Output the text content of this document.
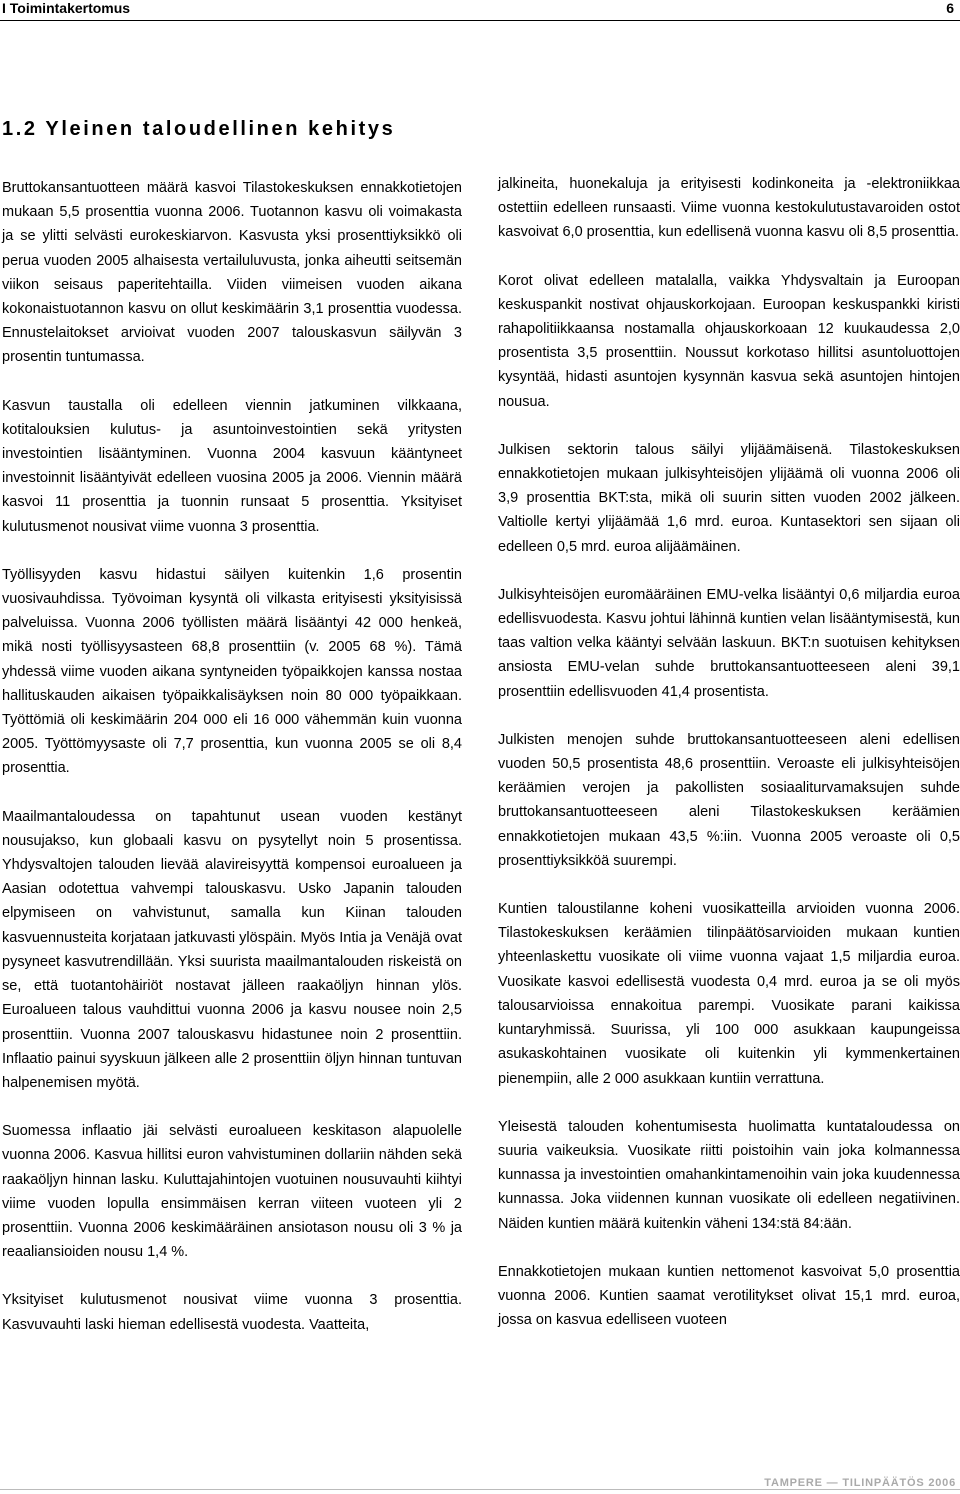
I Toimintakertomus	6
1.2 Yleinen taloudellinen kehitys

Bruttokansantuotteen määrä kasvoi Tilastokeskuksen ennakkotietojen mukaan 5,5 prosenttia vuonna 2006. Tuotannon kasvu oli voimakasta ja se ylitti selvästi eurokeskiarvon. Kasvusta yksi prosenttiyksikkö oli perua vuoden 2005 alhaisesta vertailuluvusta, jonka aiheutti seitsemän viikon seisaus paperitehtailla. Viiden viimeisen vuoden aikana kokonaistuotannon kasvu on ollut keskimäärin 3,1 prosenttia vuodessa. Ennustelaitokset arvioivat vuoden 2007 talouskasvun säilyvän 3 prosentin tuntumassa.

Kasvun taustalla oli edelleen viennin jatkuminen vilkkaana, kotitalouksien kulutus- ja asuntoinvestointien sekä yritysten investointien lisääntyminen. Vuonna 2004 kasvuun kääntyneet investoinnit lisääntyivät edelleen vuosina 2005 ja 2006. Viennin määrä kasvoi 11 prosenttia ja tuonnin runsaat 5 prosenttia. Yksityiset kulutusmenot nousivat viime vuonna 3 prosenttia.

Työllisyyden kasvu hidastui säilyen kuitenkin 1,6 prosentin vuosivauhdissa. Työvoiman kysyntä oli vilkasta erityisesti yksityisissä palveluissa. Vuonna 2006 työllisten määrä lisääntyi 42 000 henkeä, mikä nosti työllisyysasteen 68,8 prosenttiin (v. 2005 68 %). Tämä yhdessä viime vuoden aikana syntyneiden työpaikkojen kanssa nostaa hallituskauden aikaisen työpaikkalisäyksen noin 80 000 työpaikkaan. Työttömiä oli keskimäärin 204 000 eli 16 000 vähemmän kuin vuonna 2005. Työttömyysaste oli 7,7 prosenttia, kun vuonna 2005 se oli 8,4 prosenttia.

Maailmantaloudessa on tapahtunut usean vuoden kestänyt nousujakso, kun globaali kasvu on pysytellyt noin 5 prosentissa. Yhdysvaltojen talouden lievää alavireisyyttä kompensoi euroalueen ja Aasian odotettua vahvempi talouskasvu. Usko Japanin talouden elpymiseen on vahvistunut, samalla kun Kiinan talouden kasvuennusteita korjataan jatkuvasti ylöspäin. Myös Intia ja Venäjä ovat pysyneet kasvutrendillään. Yksi suurista maailmantalouden riskeistä on se, että tuotantohäiriöt nostavat jälleen raakaöljyn hinnan ylös. Euroalueen talous vauhdittui vuonna 2006 ja kasvu nousee noin 2,5 prosenttiin. Vuonna 2007 talouskasvu hidastunee noin 2 prosenttiin. Inflaatio painui syyskuun jälkeen alle 2 prosenttiin öljyn hinnan tuntuvan halpenemisen myötä.

Suomessa inflaatio jäi selvästi euroalueen keskitason alapuolelle vuonna 2006. Kasvua hillitsi euron vahvistuminen dollariin nähden sekä raakaöljyn hinnan lasku. Kuluttajahintojen vuotuinen nousuvauhti kiihtyi viime vuoden lopulla ensimmäisen kerran viiteen vuoteen yli 2 prosenttiin. Vuonna 2006 keskimääräinen ansiotason nousu oli 3 % ja reaaliansioiden nousu 1,4 %.

Yksityiset kulutusmenot nousivat viime vuonna 3 prosenttia. Kasvuvauhti laski hieman edellisestä vuodesta. Vaatteita,

jalkineita, huonekaluja ja erityisesti kodinkoneita ja -elektroniikkaa ostettiin edelleen runsaasti. Viime vuonna kestokulutustavaroiden ostot kasvoivat 6,0 prosenttia, kun edellisenä vuonna kasvu oli 8,5 prosenttia.

Korot olivat edelleen matalalla, vaikka Yhdysvaltain ja Euroopan keskuspankit nostivat ohjauskorkojaan. Euroopan keskuspankki kiristi rahapolitiikkaansa nostamalla ohjauskorkoaan 12 kuukaudessa 2,0 prosentista 3,5 prosenttiin. Noussut korkotaso hillitsi asuntoluottojen kysyntää, hidasti asuntojen kysynnän kasvua sekä asuntojen hintojen nousua.

Julkisen sektorin talous säilyi ylijäämäisenä. Tilastokeskuksen ennakkotietojen mukaan julkisyhteisöjen ylijäämä oli vuonna 2006 oli 3,9 prosenttia BKT:sta, mikä oli suurin sitten vuoden 2002 jälkeen. Valtiolle kertyi ylijäämää 1,6 mrd. euroa. Kuntasektori sen sijaan oli edelleen 0,5 mrd. euroa alijäämäinen.

Julkisyhteisöjen euromääräinen EMU-velka lisääntyi 0,6 miljardia euroa edellisvuodesta. Kasvu johtui lähinnä kuntien velan lisääntymisestä, kun taas valtion velka kääntyi selvään laskuun. BKT:n suotuisen kehityksen ansiosta EMU-velan suhde bruttokansantuotteeseen aleni 39,1 prosenttiin edellisvuoden 41,4 prosentista.

Julkisten menojen suhde bruttokansantuotteeseen aleni edellisen vuoden 50,5 prosentista 48,6 prosenttiin. Veroaste eli julkisyhteisöjen keräämien verojen ja pakollisten sosiaaliturvamaksujen suhde bruttokansantuotteeseen aleni Tilastokeskuksen keräämien ennakkotietojen mukaan 43,5 %:iin. Vuonna 2005 veroaste oli 0,5 prosenttiyksikköä suurempi.

Kuntien taloustilanne koheni vuosikatteilla arvioiden vuonna 2006. Tilastokeskuksen keräämien tilinpäätösarvioiden mukaan kuntien yhteenlaskettu vuosikate oli viime vuonna vajaat 1,5 miljardia euroa. Vuosikate kasvoi edellisestä vuodesta 0,4 mrd. euroa ja se oli myös talousarvioissa ennakoitua parempi. Vuosikate parani kaikissa kuntaryhmissä. Suurissa, yli 100 000 asukkaan kaupungeissa asukaskohtainen vuosikate oli kuitenkin yli kymmenkertainen pienempiin, alle 2 000 asukkaan kuntiin verrattuna.

Yleisestä talouden kohentumisesta huolimatta kuntataloudessa on suuria vaikeuksia. Vuosikate riitti poistoihin vain joka kolmannessa kunnassa ja investointien omahankintamenoihin vain joka kuudennessa kunnassa. Joka viidennen kunnan vuosikate oli edelleen negatiivinen. Näiden kuntien määrä kuitenkin väheni 134:stä 84:ään.

Ennakkotietojen mukaan kuntien nettomenot kasvoivat 5,0 prosenttia vuonna 2006. Kuntien saamat verotilitykset olivat 15,1 mrd. euroa, jossa on kasvua edelliseen vuoteen

TAMPERE — TILINPÄÄTÖS 2006
